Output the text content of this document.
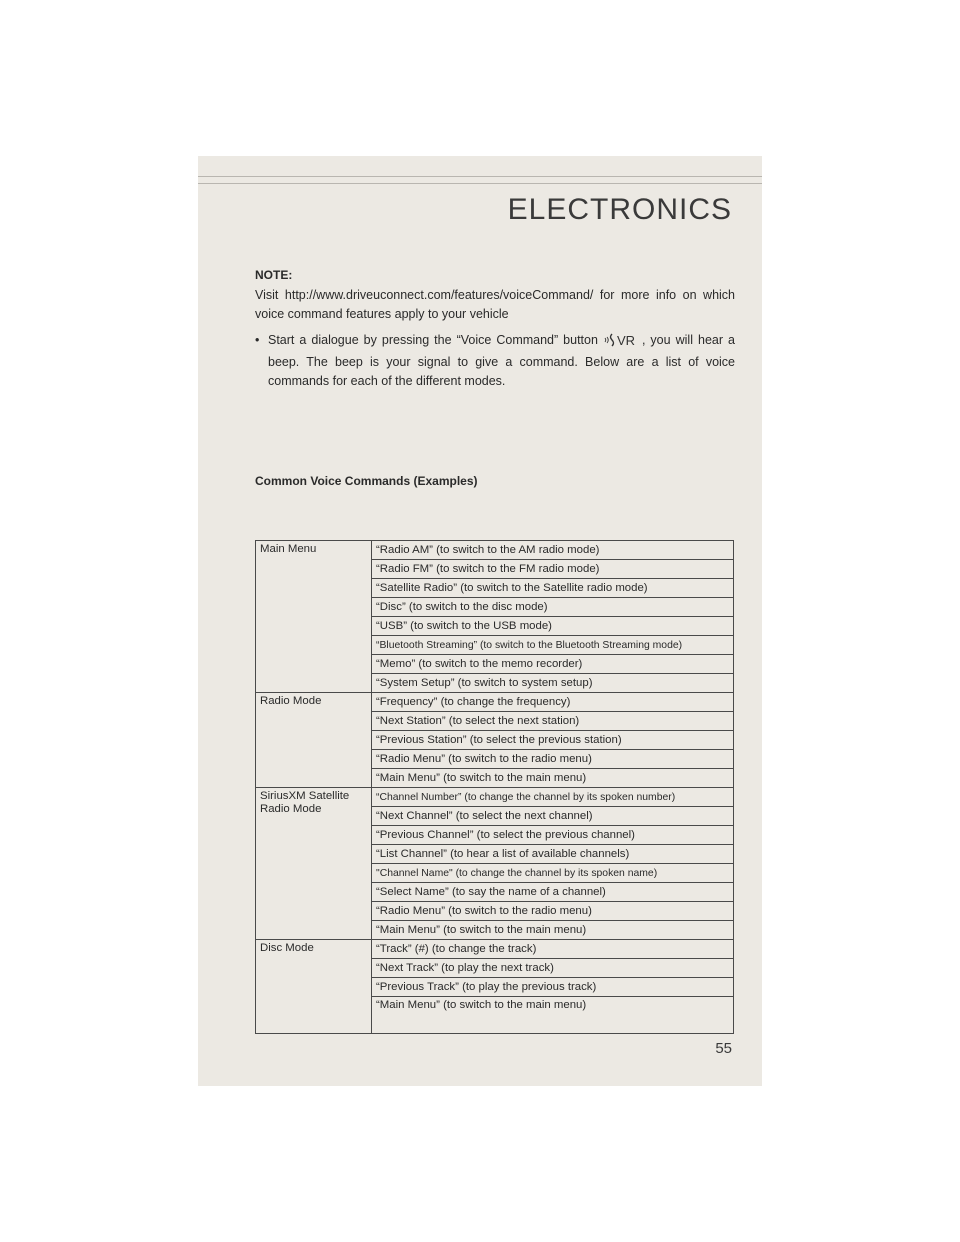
ELECTRONICS
NOTE:
Visit http://www.driveuconnect.com/features/voiceCommand/ for more info on which voice command features apply to your vehicle
• Start a dialogue by pressing the “Voice Command” button VR , you will hear a beep. The beep is your signal to give a command. Below are a list of voice commands for each of the different modes.
Common Voice Commands (Examples)
Main Menu	“Radio AM” (to switch to the AM radio mode)
	“Radio FM” (to switch to the FM radio mode)
	“Satellite Radio” (to switch to the Satellite radio mode)
	“Disc” (to switch to the disc mode)
	“USB” (to switch to the USB mode)
	“Bluetooth Streaming” (to switch to the Bluetooth Streaming mode)
	“Memo” (to switch to the memo recorder)
	“System Setup” (to switch to system setup)
Radio Mode	“Frequency” (to change the frequency)
	“Next Station” (to select the next station)
	“Previous Station” (to select the previous station)
	“Radio Menu” (to switch to the radio menu)
	“Main Menu” (to switch to the main menu)
SiriusXM Satellite Radio Mode	“Channel Number” (to change the channel by its spoken number)
	“Next Channel” (to select the next channel)
	“Previous Channel” (to select the previous channel)
	“List Channel” (to hear a list of available channels)
	"Channel Name" (to change the channel by its spoken name)
	“Select Name” (to say the name of a channel)
	“Radio Menu” (to switch to the radio menu)
	“Main Menu” (to switch to the main menu)
Disc Mode	“Track” (#) (to change the track)
	“Next Track” (to play the next track)
	“Previous Track” (to play the previous track)
	“Main Menu” (to switch to the main menu)
55
